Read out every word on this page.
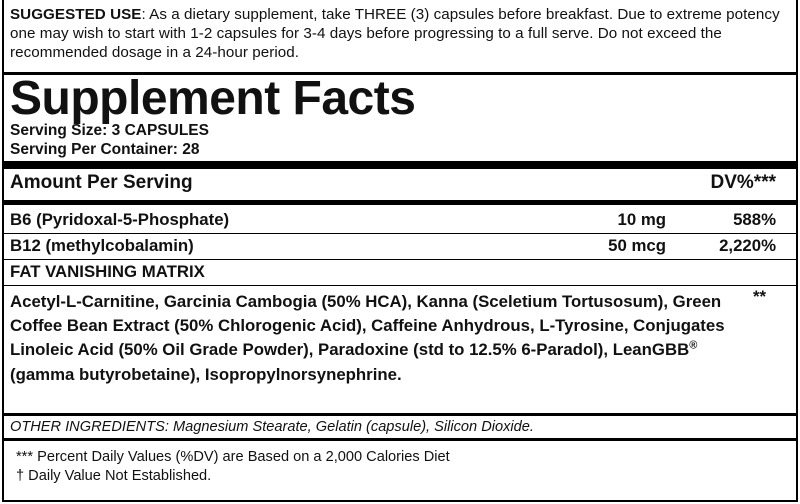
SUGGESTED USE: As a dietary supplement, take THREE (3) capsules before breakfast. Due to extreme potency one may wish to start with 1-2 capsules for 3-4 days before progressing to a full serve. Do not exceed the recommended dosage in a 24-hour period.
Supplement Facts
Serving Size: 3 CAPSULES
Serving Per Container: 28
Amount Per Serving	DV%***
B6 (Pyridoxal-5-Phosphate)	10 mg	588%
B12 (methylcobalamin)	50 mcg	2,220%
FAT VANISHING MATRIX
Acetyl-L-Carnitine, Garcinia Cambogia (50% HCA), Kanna (Sceletium Tortusosum), Green Coffee Bean Extract (50% Chlorogenic Acid), Caffeine Anhydrous, L-Tyrosine, Conjugates Linoleic Acid (50% Oil Grade Powder), Paradoxine (std to 12.5% 6-Paradol), LeanGBB® (gamma butyrobetaine), Isopropylnorsynephrine.
**
OTHER INGREDIENTS: Magnesium Stearate, Gelatin (capsule), Silicon Dioxide.
*** Percent Daily Values (%DV) are Based on a 2,000 Calories Diet
† Daily Value Not Established.
